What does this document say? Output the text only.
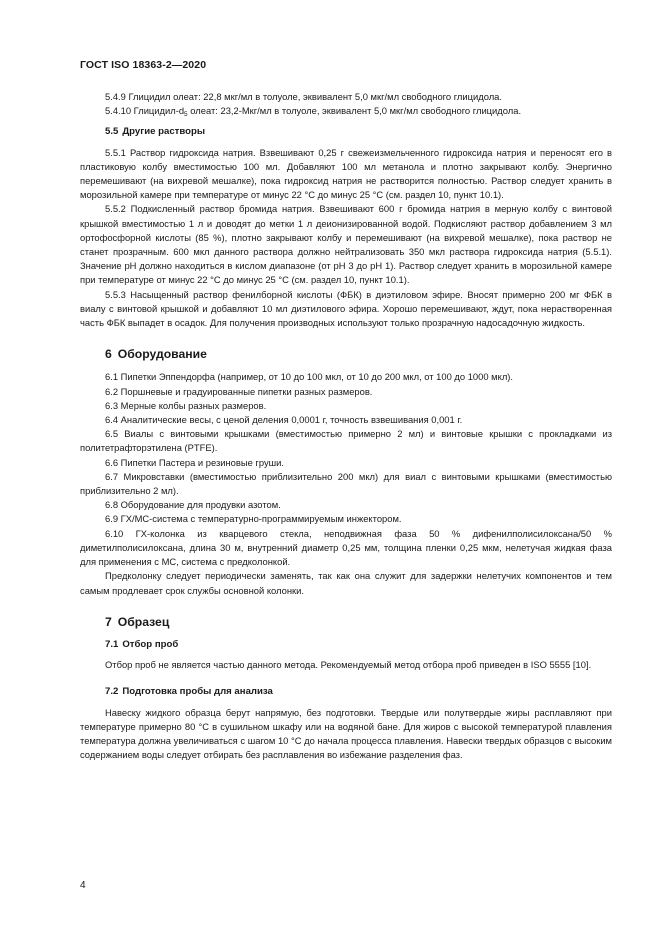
ГОСТ ISO 18363-2—2020

5.4.9 Глицидил олеат: 22,8 мкг/мл в толуоле, эквивалент 5,0 мкг/мл свободного глицидола.

5.4.10 Глицидил-$d_5$ олеат: 23,2-Мкг/мл в толуоле, эквивалент 5,0 мкг/мл свободного глицидола.

5.5 Другие растворы

5.5.1 Раствор гидроксида натрия. Взвешивают 0,25 г свежеизмельченного гидроксида натрия и переносят его в пластиковую колбу вместимостью 100 мл. Добавляют 100 мл метанола и плотно закрывают колбу. Энергично перемешивают (на вихревой мешалке), пока гидроксид натрия не растворится полностью. Раствор следует хранить в морозильной камере при температуре от минус 22 °C до минус 25 °C (см. раздел 10, пункт 10.1).

5.5.2 Подкисленный раствор бромида натрия. Взвешивают 600 г бромида натрия в мерную колбу с винтовой крышкой вместимостью 1 л и доводят до метки 1 л деионизированной водой. Подкисляют раствор добавлением 3 мл ортофосфорной кислоты (85 %), плотно закрывают колбу и перемешивают (на вихревой мешалке), пока раствор не станет прозрачным. 600 мкл данного раствора должно нейтрализовать 350 мкл раствора гидроксида натрия (5.5.1). Значение рН должно находиться в кислом диапазоне (от рН 3 до рН 1). Раствор следует хранить в морозильной камере при температуре от минус 22 °C до минус 25 °C (см. раздел 10, пункт 10.1).

5.5.3 Насыщенный раствор фенилборной кислоты (ФБК) в диэтиловом эфире. Вносят примерно 200 мг ФБК в виалу с винтовой крышкой и добавляют 10 мл диэтилового эфира. Хорошо перемешивают, ждут, пока нерастворенная часть ФБК выпадет в осадок. Для получения производных используют только прозрачную надосадочную жидкость.

6 Оборудование

6.1 Пипетки Эппендорфа (например, от 10 до 100 мкл, от 10 до 200 мкл, от 100 до 1000 мкл).

6.2 Поршневые и градуированные пипетки разных размеров.

6.3 Мерные колбы разных размеров.

6.4 Аналитические весы, с ценой деления 0,0001 г, точность взвешивания 0,001 г.

6.5 Виалы с винтовыми крышками (вместимостью примерно 2 мл) и винтовые крышки с прокладками из политетрафторэтилена (PTFE).

6.6 Пипетки Пастера и резиновые груши.

6.7 Микровставки (вместимостью приблизительно 200 мкл) для виал с винтовыми крышками (вместимостью приблизительно 2 мл).

6.8 Оборудование для продувки азотом.

6.9 ГХ/МС-система с температурно-программируемым инжектором.

6.10 ГХ-колонка из кварцевого стекла, неподвижная фаза 50 % дифенилполисилоксана/50 % диметилполисилоксана, длина 30 м, внутренний диаметр 0,25 мм, толщина пленки 0,25 мкм, нелетучая жидкая фаза для применения с МС, система с предколонкой.

Предколонку следует периодически заменять, так как она служит для задержки нелетучих компонентов и тем самым продлевает срок службы основной колонки.

7 Образец
7.1 Отбор проб

Отбор проб не является частью данного метода. Рекомендуемый метод отбора проб приведен в ISO 5555 [10].

7.2 Подготовка пробы для анализа

Навеску жидкого образца берут напрямую, без подготовки. Твердые или полутвердые жиры расплавляют при температуре примерно 80 °C в сушильном шкафу или на водяной бане. Для жиров с высокой температурой плавления температура должна увеличиваться с шагом 10 °C до начала процесса плавления. Навески твердых образцов с высоким содержанием воды следует отбирать без расплавления во избежание разделения фаз.

4
